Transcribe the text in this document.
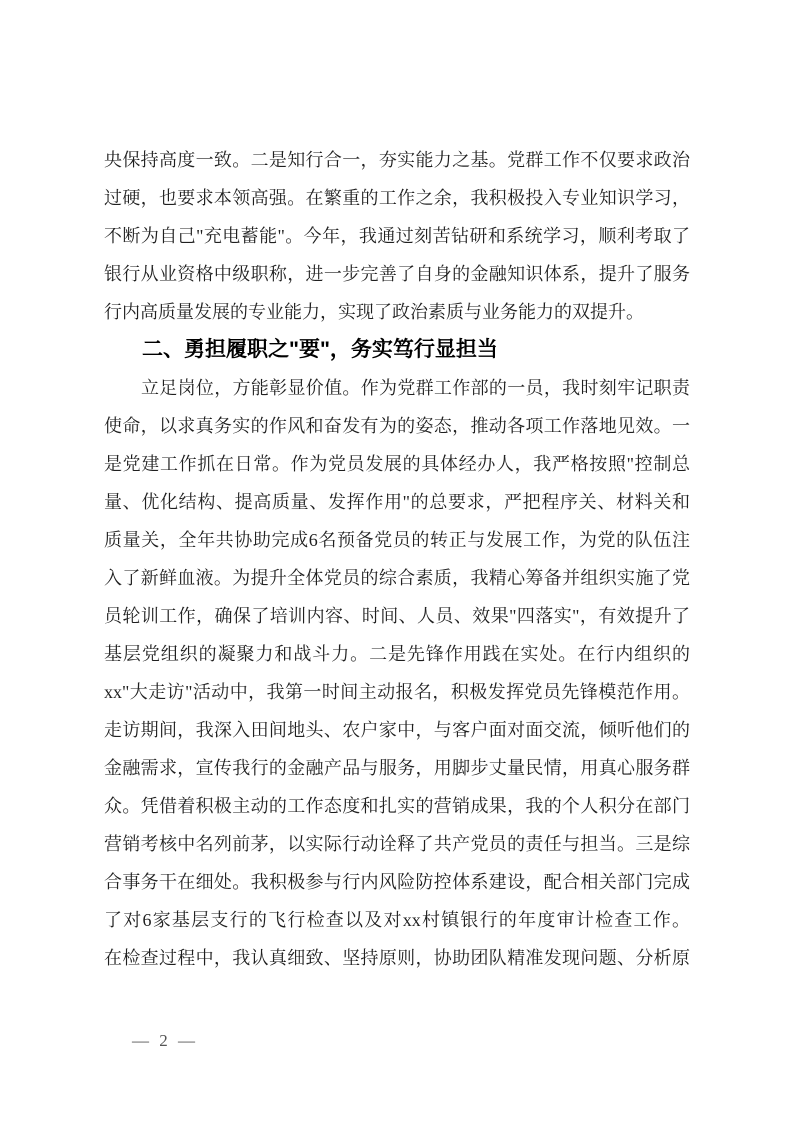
央保持高度一致。二是知行合一，夯实能力之基。党群工作不仅要求政治
过硬，也要求本领高强。在繁重的工作之余，我积极投入专业知识学习，
不断为自己"充电蓄能"。今年，我通过刻苦钻研和系统学习，顺利考取了
银行从业资格中级职称，进一步完善了自身的金融知识体系，提升了服务
行内高质量发展的专业能力，实现了政治素质与业务能力的双提升。
二、勇担履职之"要"，务实笃行显担当
立足岗位，方能彰显价值。作为党群工作部的一员，我时刻牢记职责
使命，以求真务实的作风和奋发有为的姿态，推动各项工作落地见效。一
是党建工作抓在日常。作为党员发展的具体经办人，我严格按照"控制总
量、优化结构、提高质量、发挥作用"的总要求，严把程序关、材料关和
质量关，全年共协助完成6名预备党员的转正与发展工作，为党的队伍注
入了新鲜血液。为提升全体党员的综合素质，我精心筹备并组织实施了党
员轮训工作，确保了培训内容、时间、人员、效果"四落实"，有效提升了
基层党组织的凝聚力和战斗力。二是先锋作用践在实处。在行内组织的
xx"大走访"活动中，我第一时间主动报名，积极发挥党员先锋模范作用。
走访期间，我深入田间地头、农户家中，与客户面对面交流，倾听他们的
金融需求，宣传我行的金融产品与服务，用脚步丈量民情，用真心服务群
众。凭借着积极主动的工作态度和扎实的营销成果，我的个人积分在部门
营销考核中名列前茅，以实际行动诠释了共产党员的责任与担当。三是综
合事务干在细处。我积极参与行内风险防控体系建设，配合相关部门完成
了对6家基层支行的飞行检查以及对xx村镇银行的年度审计检查工作。
在检查过程中，我认真细致、坚持原则，协助团队精准发现问题、分析原
— 2 —
